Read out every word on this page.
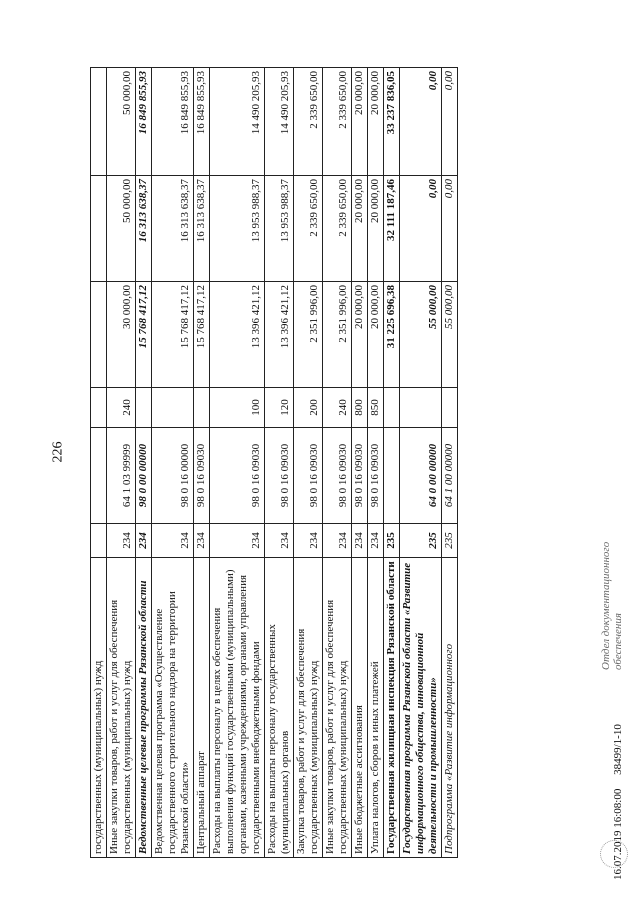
226
государственных (муниципальных) нужд						
Иные закупки товаров, работ и услуг для обеспечения государственных (муниципальных) нужд	234	64 1 03 99999	240	30 000,00	50 000,00	50 000,00
Ведомственные целевые программы Рязанской области	234	98 0 00 00000		15 768 417,12	16 313 638,37	16 849 855,93
Ведомственная целевая программа «Осуществление государственного строительного надзора на территории Рязанской области»	234	98 0 16 00000		15 768 417,12	16 313 638,37	16 849 855,93
Центральный аппарат	234	98 0 16 09030		15 768 417,12	16 313 638,37	16 849 855,93
Расходы на выплаты персоналу в целях обеспечения выполнения функций государственными (муниципальными) органами, казенными учреждениями, органами управления государственными внебюджетными фондами	234	98 0 16 09030	100	13 396 421,12	13 953 988,37	14 490 205,93
Расходы на выплаты персоналу государственных (муниципальных) органов	234	98 0 16 09030	120	13 396 421,12	13 953 988,37	14 490 205,93
Закупка товаров, работ и услуг для обеспечения государственных (муниципальных) нужд	234	98 0 16 09030	200	2 351 996,00	2 339 650,00	2 339 650,00
Иные закупки товаров, работ и услуг для обеспечения государственных (муниципальных) нужд	234	98 0 16 09030	240	2 351 996,00	2 339 650,00	2 339 650,00
Иные бюджетные ассигнования	234	98 0 16 09030	800	20 000,00	20 000,00	20 000,00
Уплата налогов, сборов и иных платежей	234	98 0 16 09030	850	20 000,00	20 000,00	20 000,00
Государственная жилищная инспекция Рязанской области	235			31 225 696,38	32 111 187,46	33 237 836,05
Государственная программа Рязанской области «Развитие информационного общества, инновационной деятельности и промышленности»	235	64 0 00 00000		55 000,00	0,00	0,00
Подпрограмма «Развитие информационного	235	64 1 00 00000		55 000,00	0,00	0,00
Отдел документационного обеспечения
16.07.2019 16:08:00     38499/1-10
